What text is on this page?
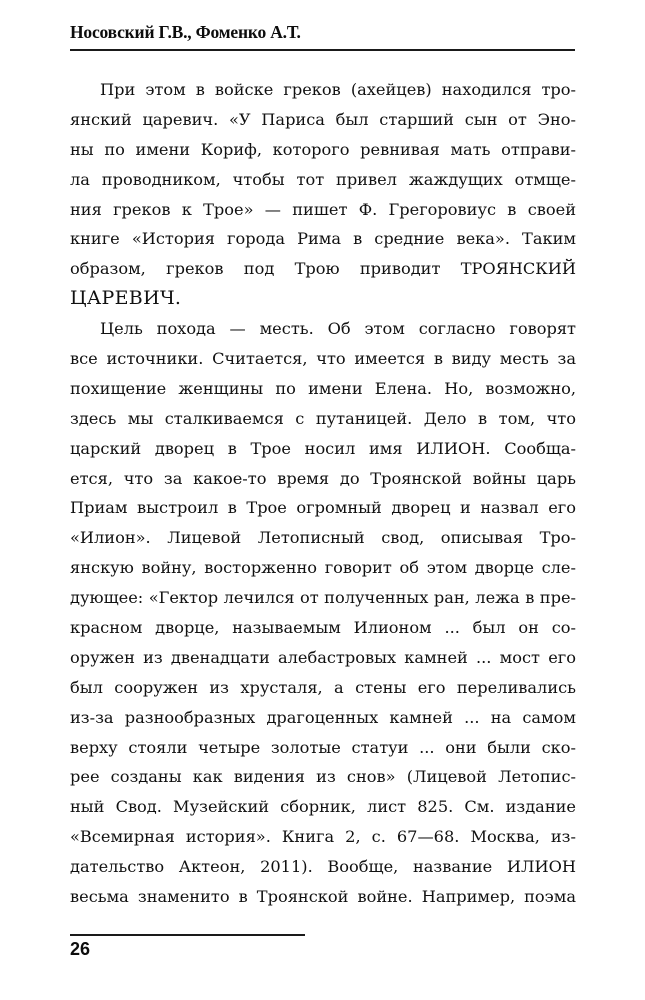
Носовский Г.В., Фоменко А.Т.
При этом в войске греков (ахейцев) находился тро-
янский царевич. «У Париса был старший сын от Эно-
ны по имени Кориф, которого ревнивая мать отправи-
ла проводником, чтобы тот привел жаждущих отмще-
ния греков к Трое» — пишет Ф. Грегоровиус в своей
книге «История города Рима в средние века». Таким
образом, греков под Трою приводит ТРОЯНСКИЙ
ЦАРЕВИЧ.
Цель похода — месть. Об этом согласно говорят
все источники. Считается, что имеется в виду месть за
похищение женщины по имени Елена. Но, возможно,
здесь мы сталкиваемся с путаницей. Дело в том, что
царский дворец в Трое носил имя ИЛИОН. Сообща-
ется, что за какое-то время до Троянской войны царь
Приам выстроил в Трое огромный дворец и назвал его
«Илион». Лицевой Летописный свод, описывая Тро-
янскую войну, восторженно говорит об этом дворце сле-
дующее: «Гектор лечился от полученных ран, лежа в пре-
красном дворце, называемым Илионом ... был он со-
оружен из двенадцати алебастровых камней ... мост его
был сооружен из хрусталя, а стены его переливались
из-за разнообразных драгоценных камней ... на самом
верху стояли четыре золотые статуи ... они были ско-
рее созданы как видения из снов» (Лицевой Летопис-
ный Свод. Музейский сборник, лист 825. См. издание
«Всемирная история». Книга 2, с. 67—68. Москва, из-
дательство Актеон, 2011). Вообще, название ИЛИОН
весьма знаменито в Троянской войне. Например, поэма
26
